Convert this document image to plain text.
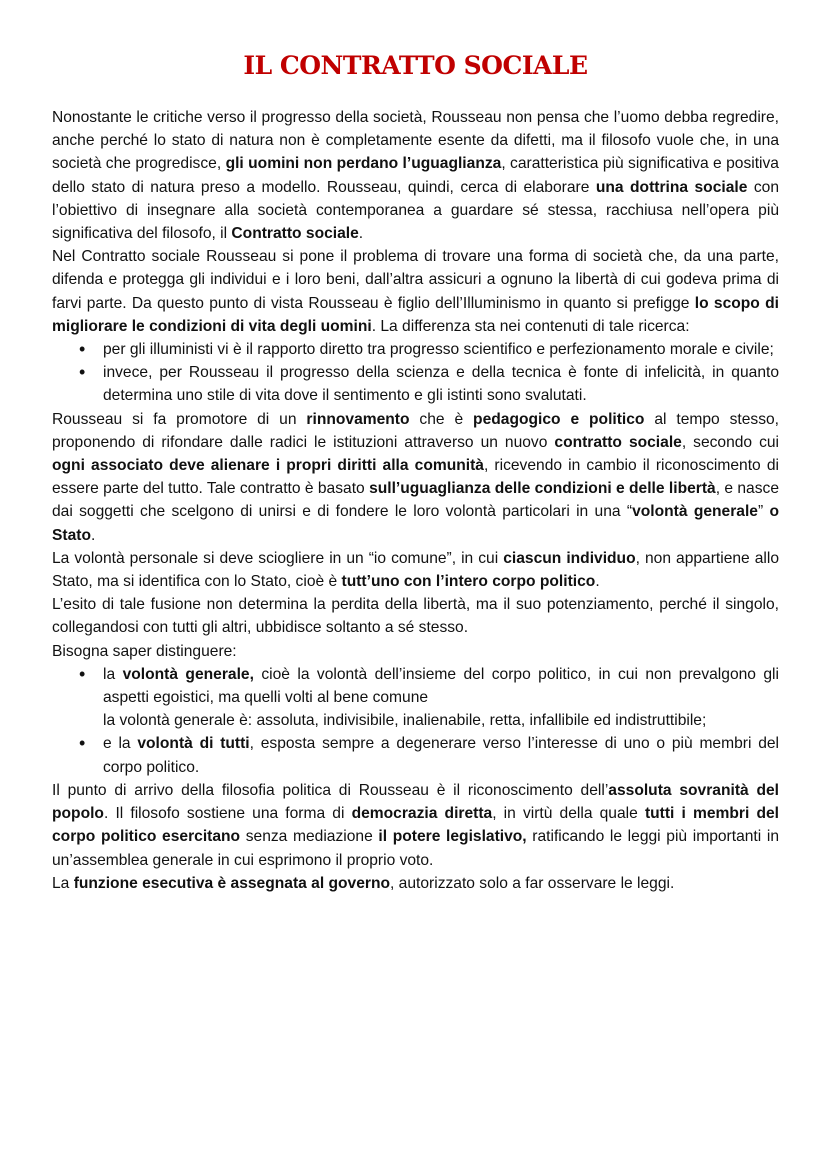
IL CONTRATTO SOCIALE

Nonostante le critiche verso il progresso della società, Rousseau non pensa che l’uomo debba regredire, anche perché lo stato di natura non è completamente esente da difetti, ma il filosofo vuole che, in una società che progredisce, gli uomini non perdano l’uguaglianza, caratteristica più significativa e positiva dello stato di natura preso a modello. Rousseau, quindi, cerca di elaborare una dottrina sociale con l’obiettivo di insegnare alla società contemporanea a guardare sé stessa, racchiusa nell’opera più significativa del filosofo, il Contratto sociale.

Nel Contratto sociale Rousseau si pone il problema di trovare una forma di società che, da una parte, difenda e protegga gli individui e i loro beni, dall’altra assicuri a ognuno la libertà di cui godeva prima di farvi parte. Da questo punto di vista Rousseau è figlio dell’Illuminismo in quanto si prefigge lo scopo di migliorare le condizioni di vita degli uomini. La differenza sta nei contenuti di tale ricerca:

• per gli illuministi vi è il rapporto diretto tra progresso scientifico e perfezionamento morale e civile;
• invece, per Rousseau il progresso della scienza e della tecnica è fonte di infelicità, in quanto determina uno stile di vita dove il sentimento e gli istinti sono svalutati.

Rousseau si fa promotore di un rinnovamento che è pedagogico e politico al tempo stesso, proponendo di rifondare dalle radici le istituzioni attraverso un nuovo contratto sociale, secondo cui ogni associato deve alienare i propri diritti alla comunità, ricevendo in cambio il riconoscimento di essere parte del tutto. Tale contratto è basato sull’uguaglianza delle condizioni e delle libertà, e nasce dai soggetti che scelgono di unirsi e di fondere le loro volontà particolari in una “volontà generale” o Stato.

La volontà personale si deve sciogliere in un “io comune”, in cui ciascun individuo, non appartiene allo Stato, ma si identifica con lo Stato, cioè è tutt’uno con l’intero corpo politico.

L’esito di tale fusione non determina la perdita della libertà, ma il suo potenziamento, perché il singolo, collegandosi con tutti gli altri, ubbidisce soltanto a sé stesso.

Bisogna saper distinguere:

• la volontà generale, cioè la volontà dell’insieme del corpo politico, in cui non prevalgono gli aspetti egoistici, ma quelli volti al bene comune
la volontà generale è: assoluta, indivisibile, inalienabile, retta, infallibile ed indistruttibile;
• e la volontà di tutti, esposta sempre a degenerare verso l’interesse di uno o più membri del corpo politico.

Il punto di arrivo della filosofia politica di Rousseau è il riconoscimento dell’assoluta sovranità del popolo. Il filosofo sostiene una forma di democrazia diretta, in virtù della quale tutti i membri del corpo politico esercitano senza mediazione il potere legislativo, ratificando le leggi più importanti in un’assemblea generale in cui esprimono il proprio voto.

La funzione esecutiva è assegnata al governo, autorizzato solo a far osservare le leggi.
